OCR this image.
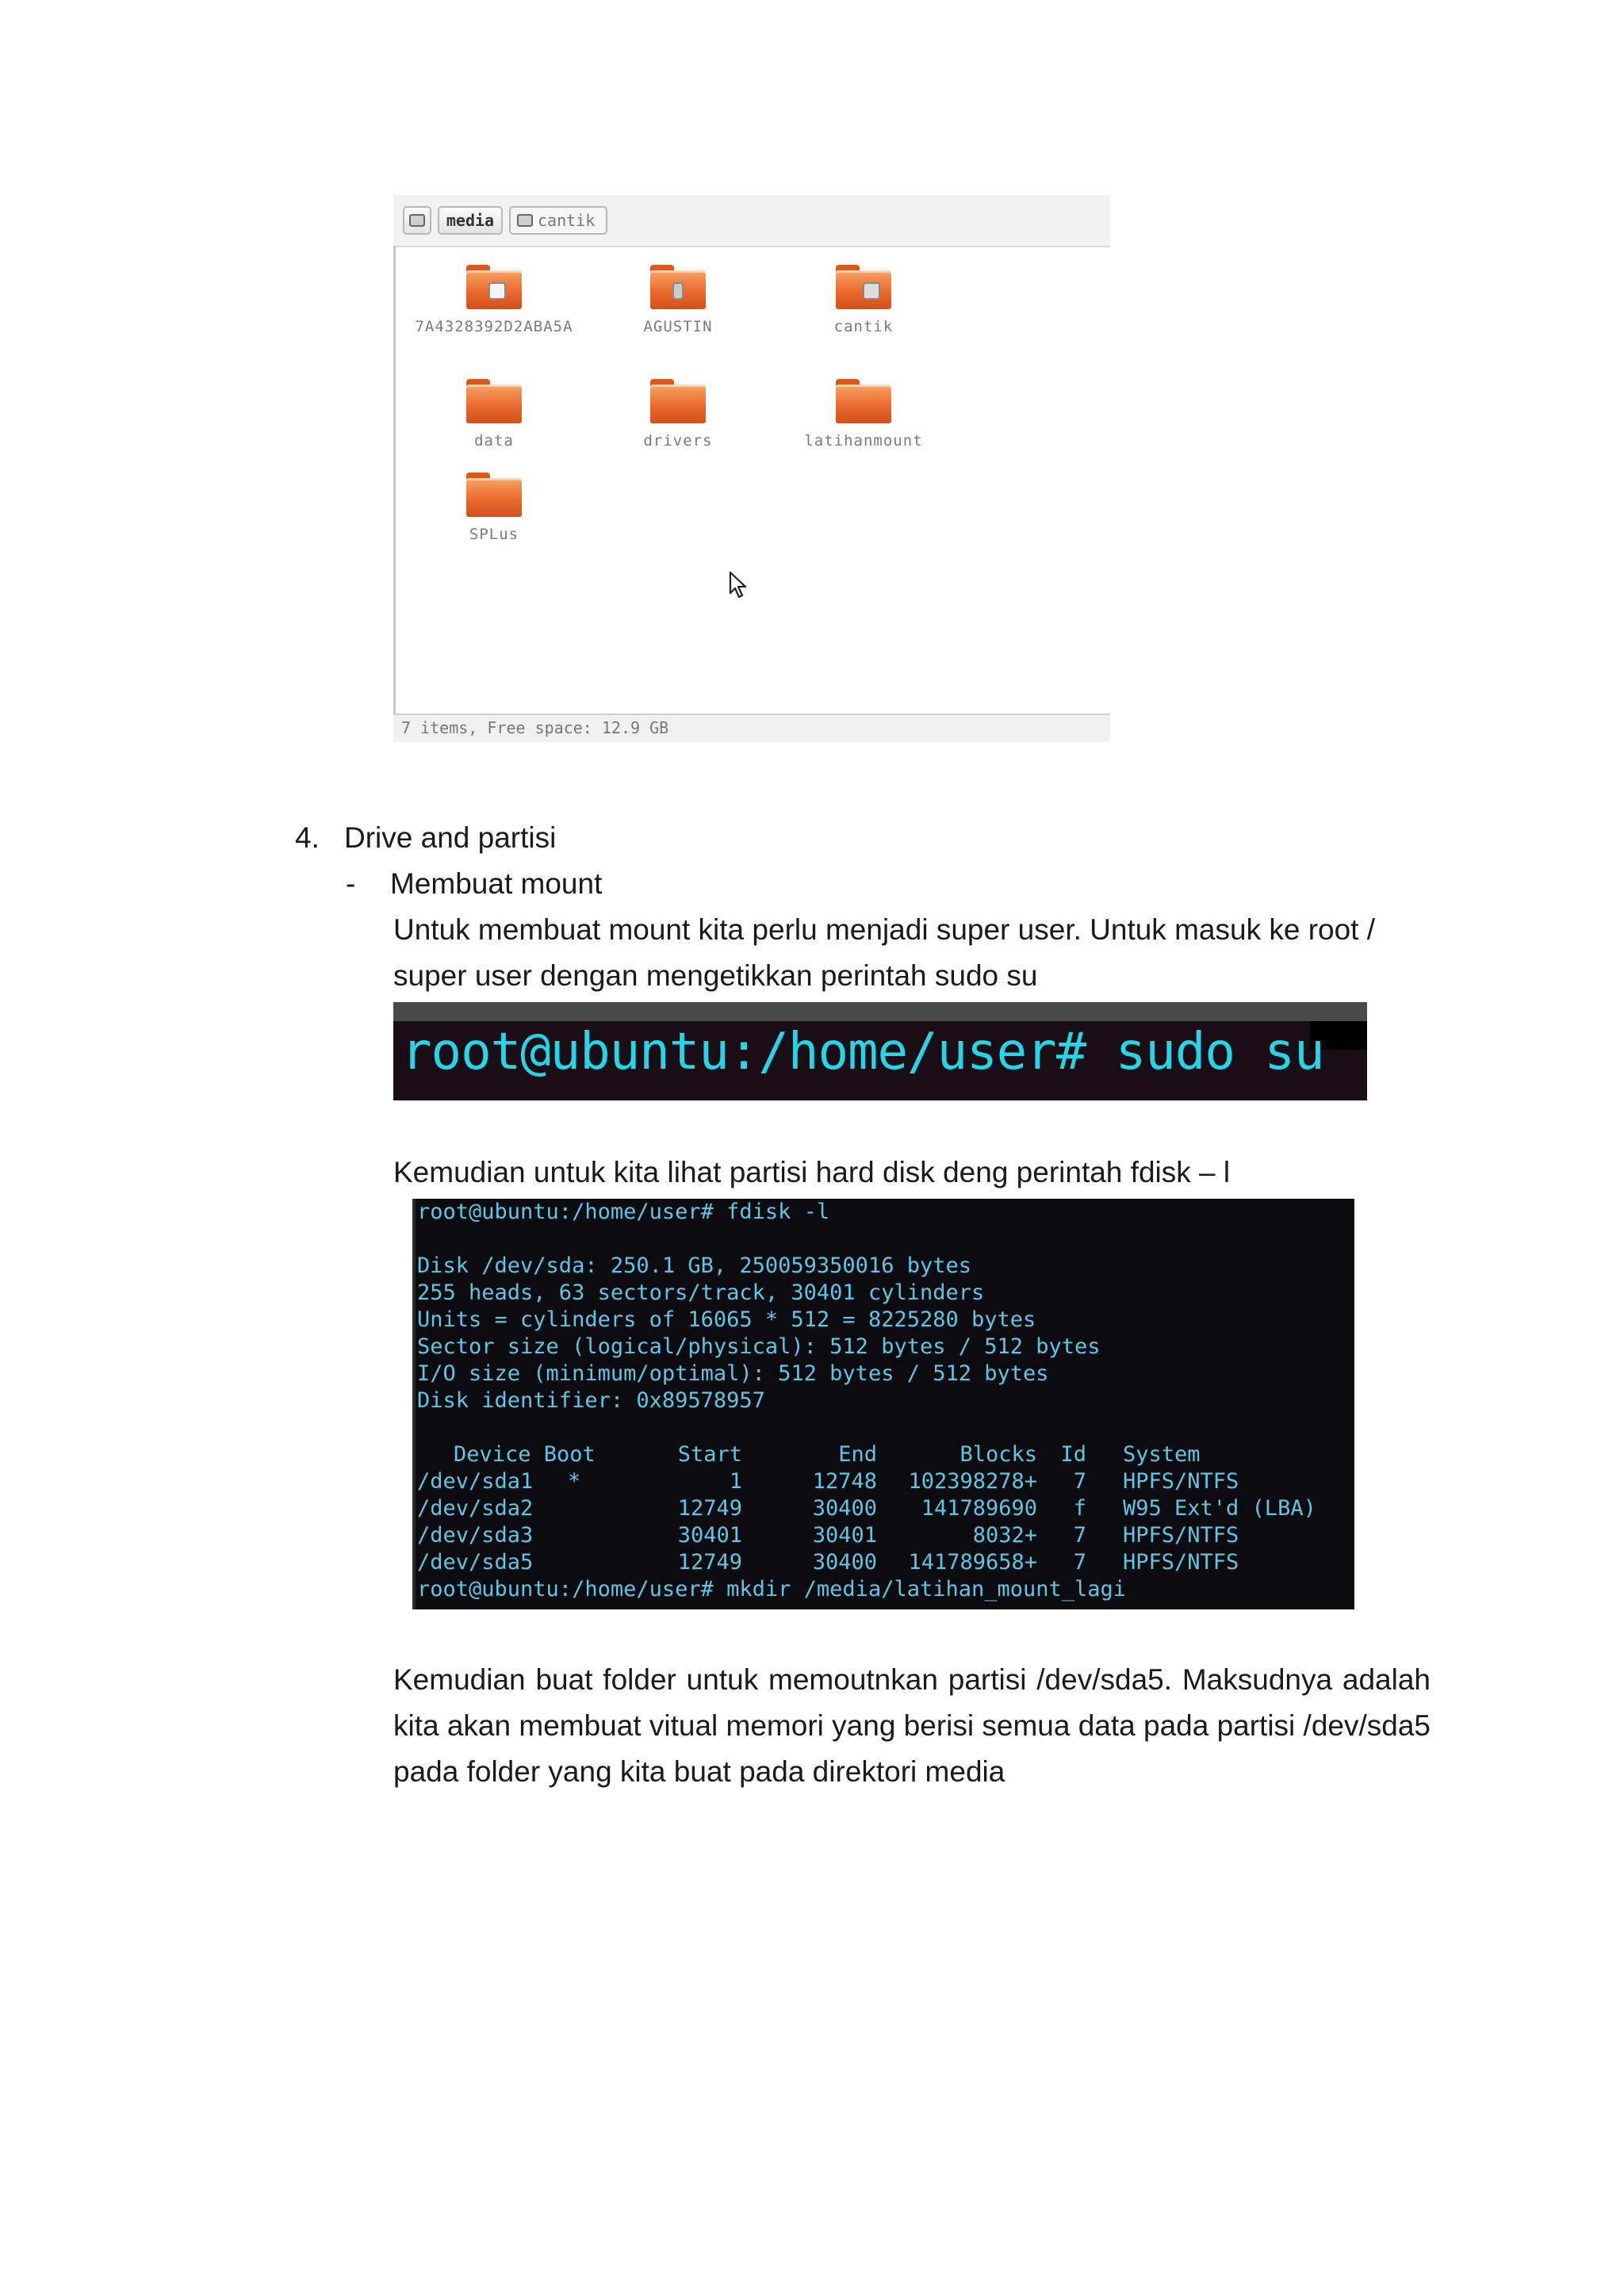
media	cantik
7A4328392D2ABA5A	AGUSTIN	cantik
data	drivers	latihanmount
SPLus
7 items, Free space: 12.9 GB
4. Drive and partisi
- Membuat mount
Untuk membuat mount kita perlu menjadi super user. Untuk masuk ke root / super user dengan mengetikkan perintah sudo su
root@ubuntu:/home/user# sudo su

Kemudian untuk kita lihat partisi hard disk deng perintah fdisk – l
root@ubuntu:/home/user# fdisk -l
Disk /dev/sda: 250.1 GB, 250059350016 bytes
255 heads, 63 sectors/track, 30401 cylinders
Units = cylinders of 16065 * 512 = 8225280 bytes
Sector size (logical/physical): 512 bytes / 512 bytes
I/O size (minimum/optimal): 512 bytes / 512 bytes
Disk identifier: 0x89578957
Device Boot	Start	End	Blocks	Id System
/dev/sda1 *	1	12748	102398278+	7 HPFS/NTFS
/dev/sda2	12749	30400	141789690	f W95 Ext'd (LBA)
/dev/sda3	30401	30401	8032+	7 HPFS/NTFS
/dev/sda5	12749	30400	141789658+	7 HPFS/NTFS
root@ubuntu:/home/user# mkdir /media/latihan_mount_lagi
Kemudian buat folder untuk memoutnkan partisi /dev/sda5. Maksudnya adalah kita akan membuat vitual memori yang berisi semua data pada partisi /dev/sda5 pada folder yang kita buat pada direktori media
